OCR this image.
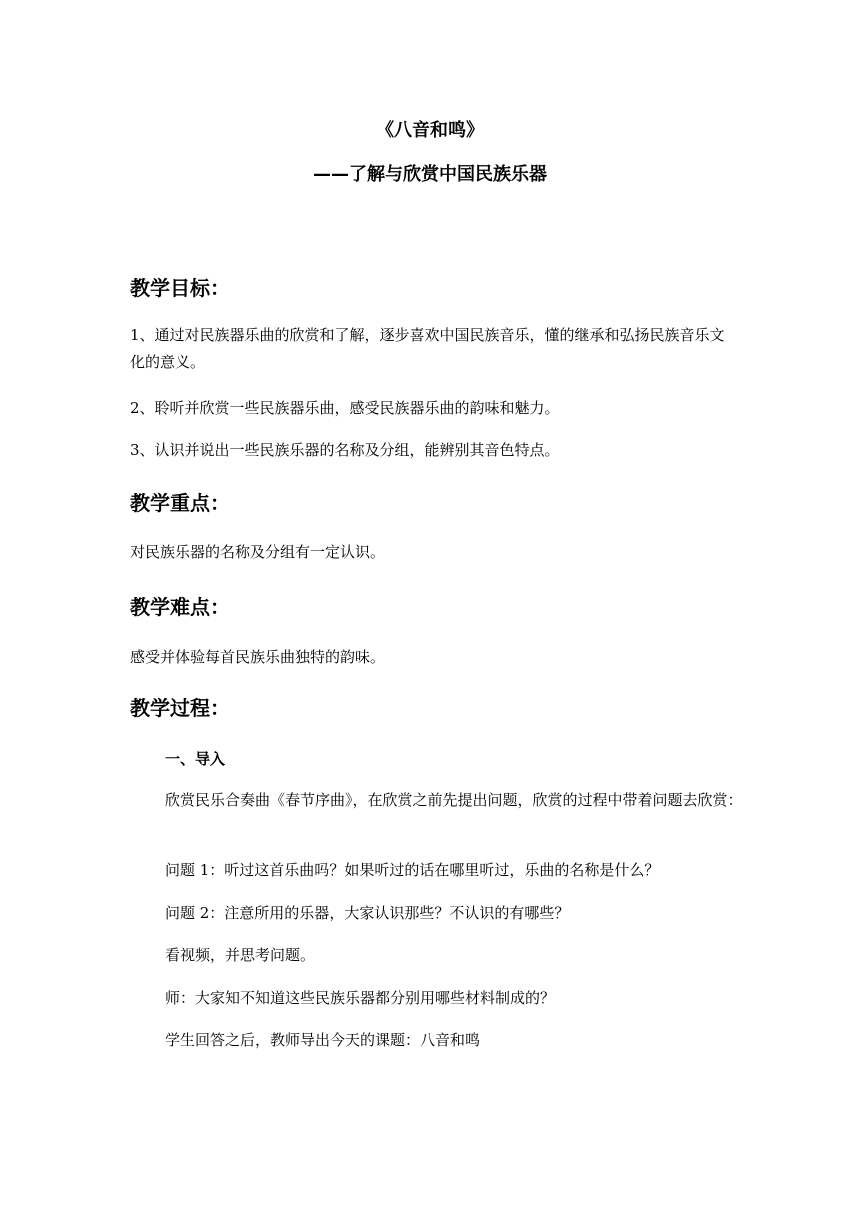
《八音和鸣》

——了解与欣赏中国民族乐器

教学目标：

1、通过对民族器乐曲的欣赏和了解，逐步喜欢中国民族音乐，懂的继承和弘扬民族音乐文化的意义。

2、聆听并欣赏一些民族器乐曲，感受民族器乐曲的韵味和魅力。

3、认识并说出一些民族乐器的名称及分组，能辨别其音色特点。

教学重点：

对民族乐器的名称及分组有一定认识。

教学难点：

感受并体验每首民族乐曲独特的韵味。

教学过程：

一、导入

欣赏民乐合奏曲《春节序曲》，在欣赏之前先提出问题，欣赏的过程中带着问题去欣赏：

问题 1：听过这首乐曲吗？如果听过的话在哪里听过，乐曲的名称是什么？

问题 2：注意所用的乐器，大家认识那些？不认识的有哪些？

看视频，并思考问题。

师：大家知不知道这些民族乐器都分别用哪些材料制成的？

学生回答之后，教师导出今天的课题：八音和鸣
